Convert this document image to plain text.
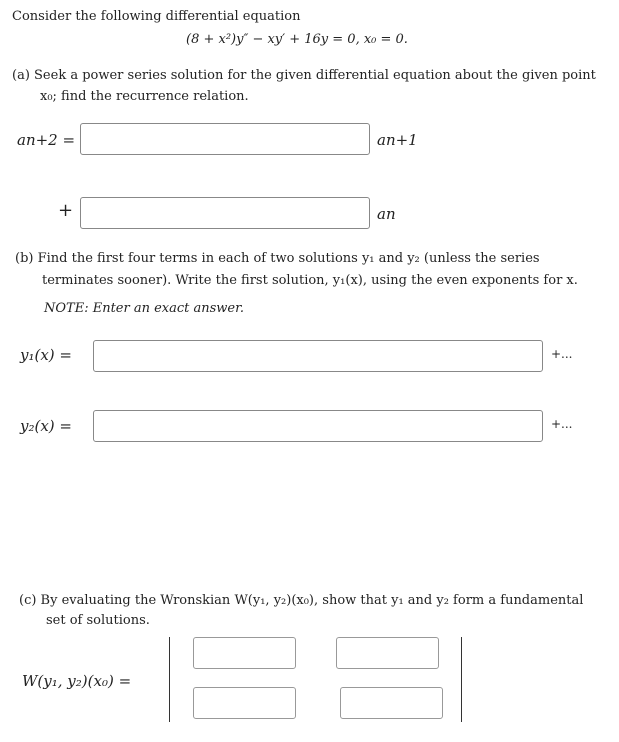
Consider the following differential equation
(8 + x²)y″ − xy′ + 16y = 0, x₀ = 0.
(a) Seek a power series solution for the given differential equation about the given point
x₀; find the recurrence relation.
an+2 =	an+1
+	an
(b) Find the first four terms in each of two solutions y₁ and y₂ (unless the series
terminates sooner). Write the first solution, y₁(x), using the even exponents for x.
NOTE: Enter an exact answer.
y₁(x) =	+...
y₂(x) =	+...
(c) By evaluating the Wronskian W(y₁, y₂)(x₀), show that y₁ and y₂ form a fundamental
set of solutions.
W(y₁, y₂)(x₀) =
